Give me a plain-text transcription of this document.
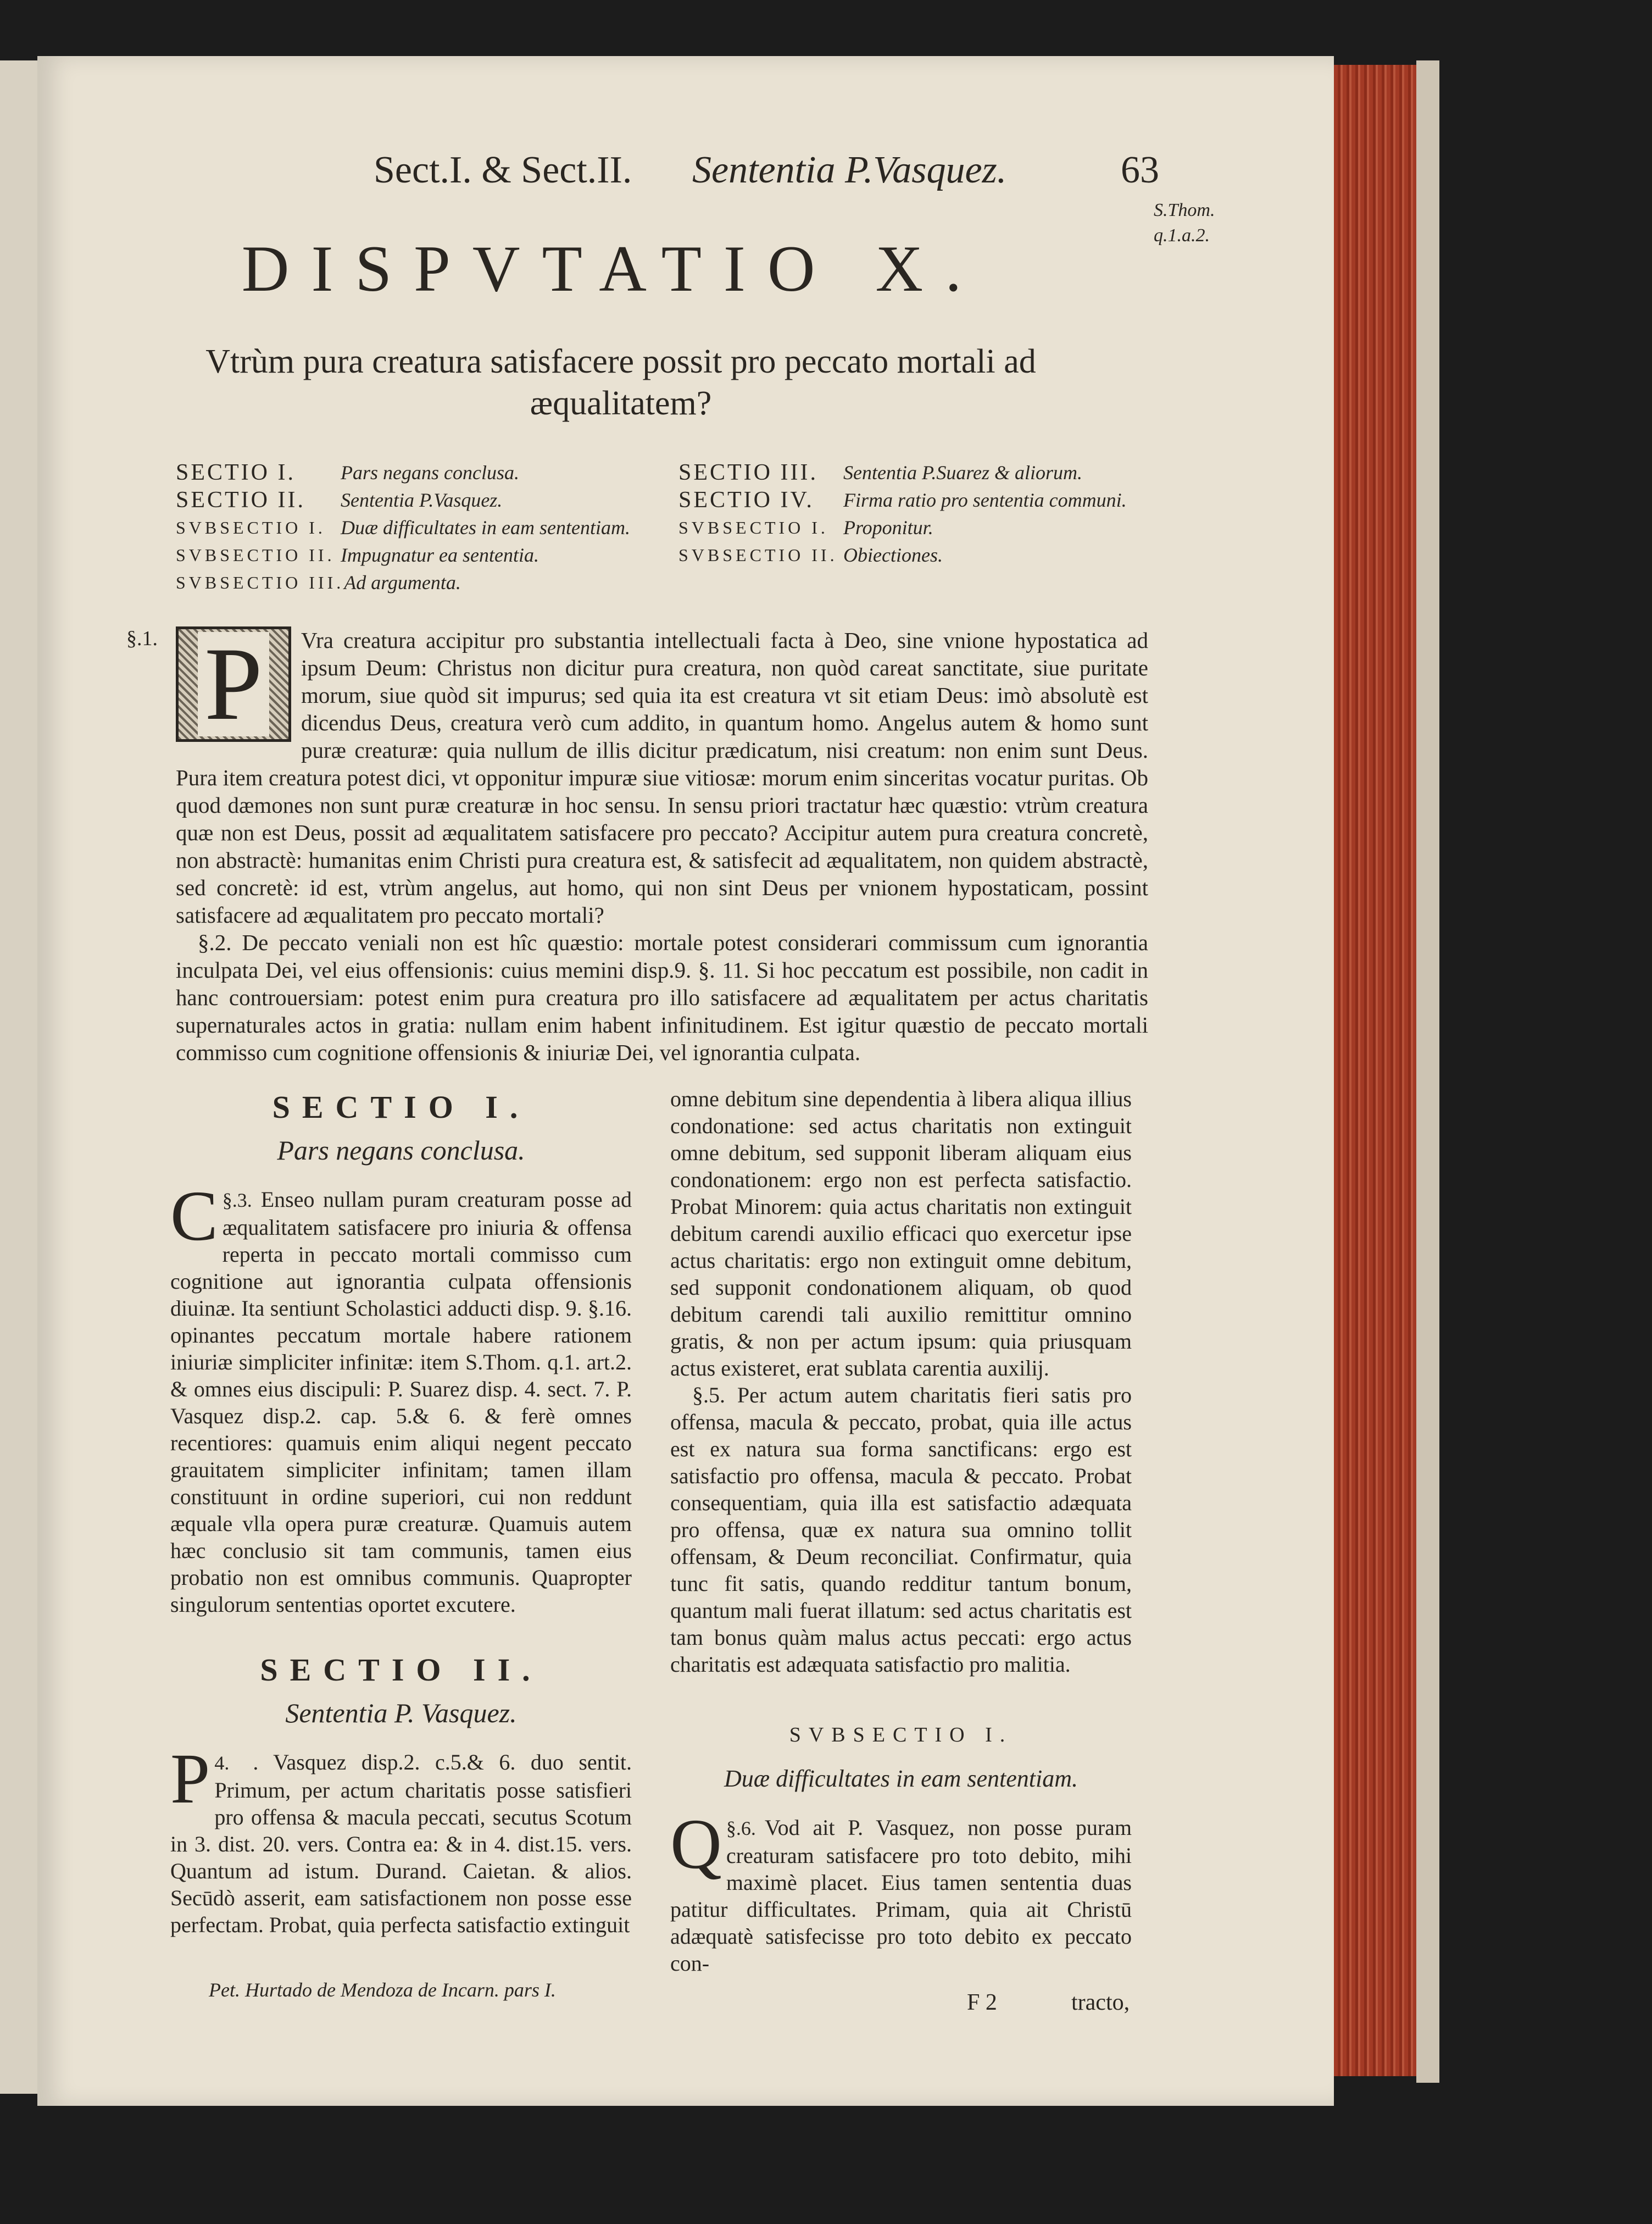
Sect.I. & Sect.II. Sententia P.Vasquez.	63
S.Thom.
q.1.a.2.
DISPVTATIO X.
Vtrùm pura creatura satisfacere possit pro peccato mortali ad æqualitatem?
SECTIO I.	Pars negans conclusa.
SECTIO II.	Sententia P.Vasquez.
SVBSECTIO I. Duæ difficultates in eam sententiam.
SVBSECTIO II. Impugnatur ea sententia.
SVBSECTIO III. Ad argumenta.
SECTIO III.	Sententia P.Suarez & aliorum.
SECTIO IV.	Firma ratio pro sententia communi.
SVBSECTIO I. Proponitur.
SVBSECTIO II. Obiectiones.
§.1. P	Vra creatura accipitur pro substantia intellectuali facta à Deo, sine vnione hypostatica ad ipsum Deum: Christus non dicitur pura creatura, non quòd careat sanctitate, siue puritate morum, siue quòd sit impurus; sed quia ita est creatura vt sit etiam Deus: imò absolutè est dicendus Deus, creatura verò cum addito, in quantum homo. Angelus autem & homo sunt puræ creaturæ: quia nullum de illis dicitur prædicatum, nisi creatum: non enim sunt Deus. Pura item creatura potest dici, vt opponitur impuræ siue vitiosæ: morum enim sinceritas vocatur puritas. Ob quod dæmones non sunt puræ creaturæ in hoc sensu. In sensu priori tractatur hæc quæstio: vtrùm creatura quæ non est Deus, possit ad æqualitatem satisfacere pro peccato? Accipitur autem pura creatura concretè, non abstractè: humanitas enim Christi pura creatura est, & satisfecit ad æqualitatem, non quidem abstractè, sed concretè: id est, vtrùm angelus, aut homo, qui non sint Deus per vnionem hypostaticam, possint satisfacere ad æqualitatem pro peccato mortali?

§.2. De peccato veniali non est hîc quæstio: mortale potest considerari commissum cum ignorantia inculpata Dei, vel eius offensionis: cuius memini disp.9. §. 11. Si hoc peccatum est possibile, non cadit in hanc controuersiam: potest enim pura creatura pro illo satisfacere ad æqualitatem per actus charitatis supernaturales actos in gratia: nullam enim habent infinitudinem. Est igitur quæstio de peccato mortali commisso cum cognitione offensionis & iniuriæ Dei, vel ignorantia culpata.

SECTIO I.
Pars negans conclusa.

§.3.
C Enseo nullam puram creaturam posse ad æqualitatem satisfacere pro iniuria & offensa reperta in peccato mortali commisso cum cognitione aut ignorantia culpata offensionis diuinæ. Ita sentiunt Scholastici adducti disp. 9. §.16. opinantes peccatum mortale habere rationem iniuriæ simpliciter infinitæ: item S.Thom. q.1. art.2. & omnes eius discipuli: P. Suarez disp. 4. sect. 7. P. Vasquez disp.2. cap. 5.& 6. & ferè omnes recentiores: quamuis enim aliqui negent peccato grauitatem simpliciter infinitam; tamen illam constituunt in ordine superiori, cui non reddunt æquale vlla opera puræ creaturæ. Quamuis autem hæc conclusio sit tam communis, tamen eius probatio non est omnibus communis. Quapropter singulorum sententias oportet excutere.

SECTIO II.
Sententia P. Vasquez.

4.
P . Vasquez disp.2. c.5.& 6. duo sentit. Primum, per actum charitatis posse satisfieri pro offensa & macula peccati, secutus Scotum in 3. dist. 20. vers. Contra ea: & in 4. dist.15. vers. Quantum ad istum. Durand. Caietan. & alios. Secūdò asserit, eam satisfactionem non posse esse perfectam. Probat, quia perfecta satisfactio extinguit

omne debitum sine dependentia à libera aliqua illius condonatione: sed actus charitatis non extinguit omne debitum, sed supponit liberam aliquam eius condonationem: ergo non est perfecta satisfactio. Probat Minorem: quia actus charitatis non extinguit debitum carendi auxilio efficaci quo exercetur ipse actus charitatis: ergo non extinguit omne debitum, sed supponit condonationem aliquam, ob quod debitum carendi tali auxilio remittitur omnino gratis, & non per actum ipsum: quia priusquam actus existeret, erat sublata carentia auxilij.

§.5. Per actum autem charitatis fieri satis pro offensa, macula & peccato, probat, quia ille actus est ex natura sua forma sanctificans: ergo est satisfactio pro offensa, macula & peccato. Probat consequentiam, quia illa est satisfactio adæquata pro offensa, quæ ex natura sua omnino tollit offensam, & Deum reconciliat. Confirmatur, quia tunc fit satis, quando redditur tantum bonum, quantum mali fuerat illatum: sed actus charitatis est tam bonus quàm malus actus peccati: ergo actus charitatis est adæquata satisfactio pro malitia.

SVBSECTIO I.
Duæ difficultates in eam sententiam.

§.6.
Q Vod ait P. Vasquez, non posse puram creaturam satisfacere pro toto debito, mihi maximè placet. Eius tamen sententia duas patitur difficultates. Primam, quia ait Christū adæquatè satisfecisse pro toto debito ex peccato con-

Pet. Hurtado de Mendoza de Incarn. pars I.	F 2	tracto,
